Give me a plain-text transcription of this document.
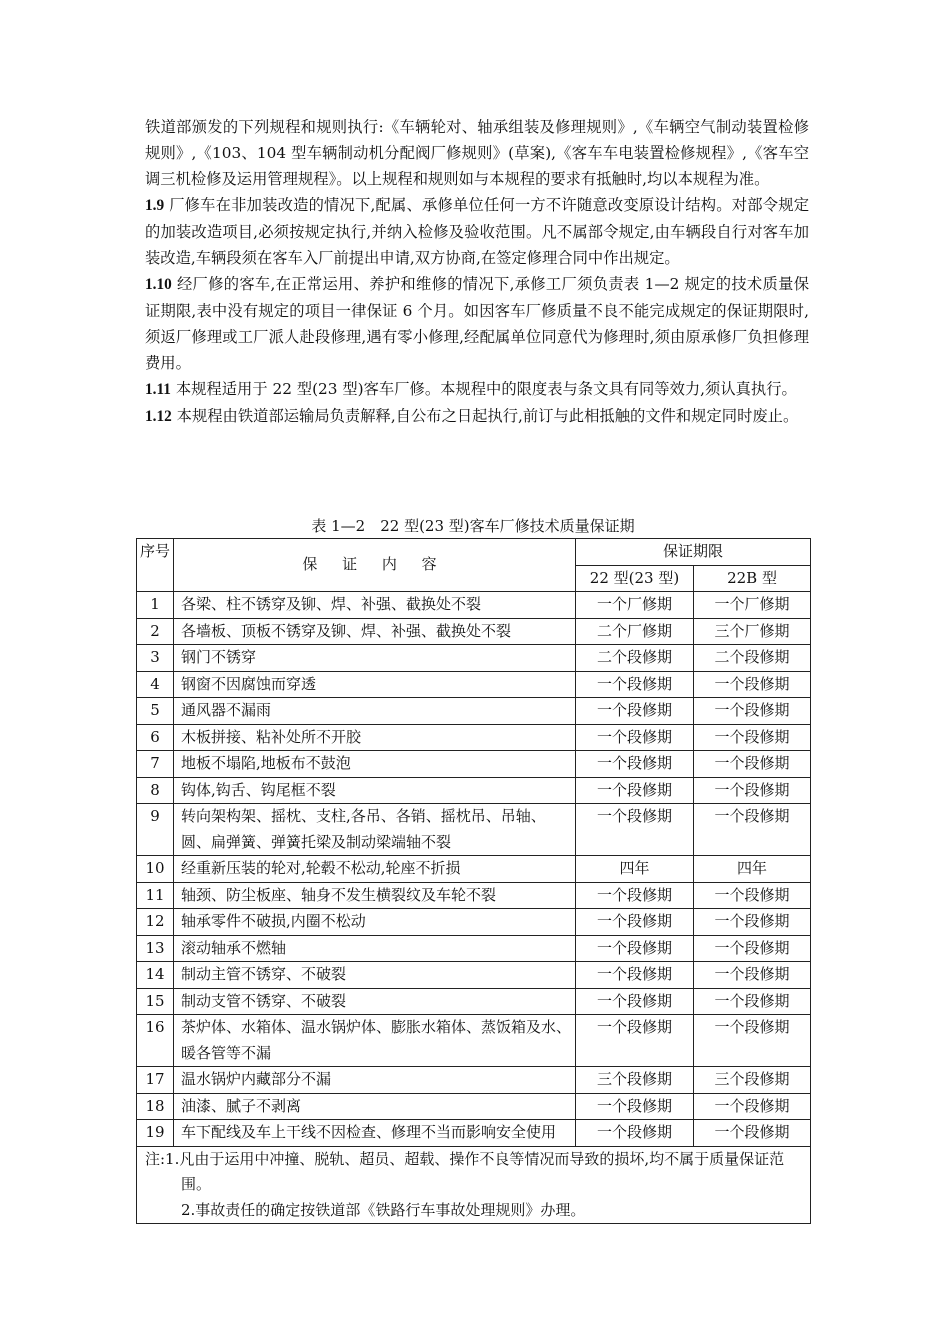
铁道部颁发的下列规程和规则执行:《车辆轮对、轴承组装及修理规则》,《车辆空气制动装置检修规则》,《103、104 型车辆制动机分配阀厂修规则》(草案),《客车车电装置检修规程》,《客车空调三机检修及运用管理规程》。以上规程和规则如与本规程的要求有抵触时,均以本规程为准。

1.9 厂修车在非加装改造的情况下,配属、承修单位任何一方不许随意改变原设计结构。对部令规定的加装改造项目,必须按规定执行,并纳入检修及验收范围。凡不属部令规定,由车辆段自行对客车加装改造,车辆段须在客车入厂前提出申请,双方协商,在签定修理合同中作出规定。

1.10 经厂修的客车,在正常运用、养护和维修的情况下,承修工厂须负责表 1—2 规定的技术质量保证期限,表中没有规定的项目一律保证 6 个月。如因客车厂修质量不良不能完成规定的保证期限时,须返厂修理或工厂派人赴段修理,遇有零小修理,经配属单位同意代为修理时,须由原承修厂负担修理费用。

1.11 本规程适用于 22 型(23 型)客车厂修。本规程中的限度表与条文具有同等效力,须认真执行。

1.12 本规程由铁道部运输局负责解释,自公布之日起执行,前订与此相抵触的文件和规定同时废止。

表 1—2　22 型(23 型)客车厂修技术质量保证期
序号	保 证 内 容	保证期限	
		22 型(23 型)	22B 型
1	各梁、柱不锈穿及铆、焊、补强、截换处不裂	一个厂修期	一个厂修期
2	各墙板、顶板不锈穿及铆、焊、补强、截换处不裂	二个厂修期	三个厂修期
3	钢门不锈穿	二个段修期	二个段修期
4	钢窗不因腐蚀而穿透	一个段修期	一个段修期
5	通风器不漏雨	一个段修期	一个段修期
6	木板拼接、粘补处所不开胶	一个段修期	一个段修期
7	地板不塌陷,地板布不鼓泡	一个段修期	一个段修期
8	钩体,钩舌、钩尾框不裂	一个段修期	一个段修期
9	转向架构架、摇枕、支柱,各吊、各销、摇枕吊、吊轴、圆、扁弹簧、弹簧托梁及制动梁端轴不裂	一个段修期	一个段修期
10	经重新压装的轮对,轮毂不松动,轮座不折损	四年	四年
11	轴颈、防尘板座、轴身不发生横裂纹及车轮不裂	一个段修期	一个段修期
12	轴承零件不破损,内圈不松动	一个段修期	一个段修期
13	滚动轴承不燃轴	一个段修期	一个段修期
14	制动主管不锈穿、不破裂	一个段修期	一个段修期
15	制动支管不锈穿、不破裂	一个段修期	一个段修期
16	茶炉体、水箱体、温水锅炉体、膨胀水箱体、蒸饭箱及水、暖各管等不漏	一个段修期	一个段修期
17	温水锅炉内藏部分不漏	三个段修期	三个段修期
18	油漆、腻子不剥离	一个段修期	一个段修期
19	车下配线及车上干线不因检查、修理不当而影响安全使用	一个段修期	一个段修期

注:1.凡由于运用中冲撞、脱轨、超员、超载、操作不良等情况而导致的损坏,均不属于质量保证范围。
2.事故责任的确定按铁道部《铁路行车事故处理规则》办理。			
